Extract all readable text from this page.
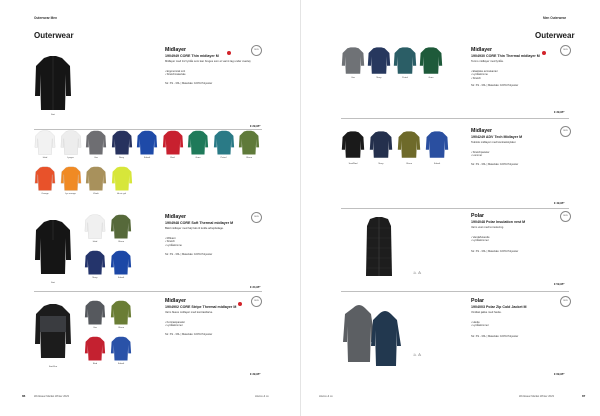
Outerwear Men
Outerwear
Sort
Midlayer
1904949 CORE Thin midlayer M
NEW
Midlayer med 1/2 lynlås som kan bruges som et varmt lag under overtøj.
▪ Ergonomisk snit
▪ Stretchmateriale
Str. XS - 3XL | Materiale: 100% Polyester
€ 29,95*
Hvid	Lysgrå	Grå	Navy	Kobolt	Rød	Grøn	Petrol	Oliven
Orange	Lys orange	Khaki	Hi-vis gul
Sort
Hvid	Oliven
Navy	Kobolt
Midlayer
1904948 CORE Soft Thermal midlayer M
NEW
Blød midlayer med høj hals til kolde arbejdsdage.
▪ Ribkant
▪ Stretch
▪ Lynlåslomme
Str. XS - 3XL | Materiale: 100% Polyester
€ 34,95*
Sort/Grå
Grå	Oliven
Rød	Kobolt
Midlayer
1904902 CORE Stripe Thermal midlayer M
NEW
Varm fleece midlayer med kontrastfarve.
▪ Kontrastpaneler
▪ Lynlåslommer
Str. XS - 3XL | Materiale: 100% Polyester
€ 39,95*
86	Workwear Market Winter 2023	Hiscox & co
Men Outerwear
Outerwear
Grå	Navy	Petrol	Grøn
Midlayer
1904930 CORE Thin Thermal midlayer M
NEW
Termo midlayer med lynlås.
▪ Elastiske ærmekanter
▪ Lynlåslomme
▪ Stretch
Str. XS - 3XL | Materiale: 100% Polyester
€ 39,95*
Sort/Rød	Navy	Oliven	Kobolt
Midlayer
1904249 ADV Tech Midlayer M
NEW
Teknisk midlayer med kontraststykker.
▪ Stretchpaneler
▪ Lommer
Str. XS - 3XL | Materiale: 100% Polyester
€ 49,95*
♨ ⚠
Polar
1904048 Polar Insulation vest M
NEW
Varm vest med let isolering.
▪ Vandafvisende
▪ Lynlåslommer
Str. XS - 3XL | Materiale: 100% Polyester
€ 59,95*
♨ ⚠
Polar
1904003 Polar Zip Cold Jacket M
NEW
Vindtæt jakke med hætte.
▪ Hætte
▪ Lynlåslommer
Str. XS - 3XL | Materiale: 100% Polyester
€ 69,95*
Hiscox & co	Workwear Market Winter 2023	87
